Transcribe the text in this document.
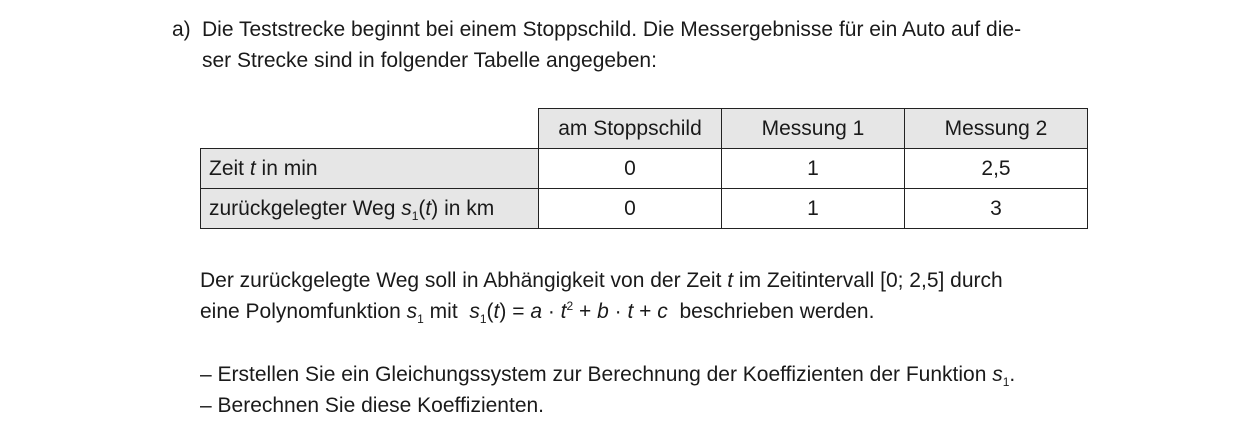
a) Die Teststrecke beginnt bei einem Stoppschild. Die Messergebnisse für ein Auto auf die-
ser Strecke sind in folgender Tabelle angegeben:
	am Stoppschild	Messung 1	Messung 2
Zeit t in min	0	1	2,5
zurückgelegter Weg $s_1(t)$ in km	0	1	3
Der zurückgelegte Weg soll in Abhängigkeit von der Zeit t im Zeitintervall [0; 2,5] durch
eine Polynomfunktion $s_1$ mit  $s_1(t) = a \cdot t^2 + b \cdot t + c$  beschrieben werden.
– Erstellen Sie ein Gleichungssystem zur Berechnung der Koeffizienten der Funktion $s_1$.
– Berechnen Sie diese Koeffizienten.
